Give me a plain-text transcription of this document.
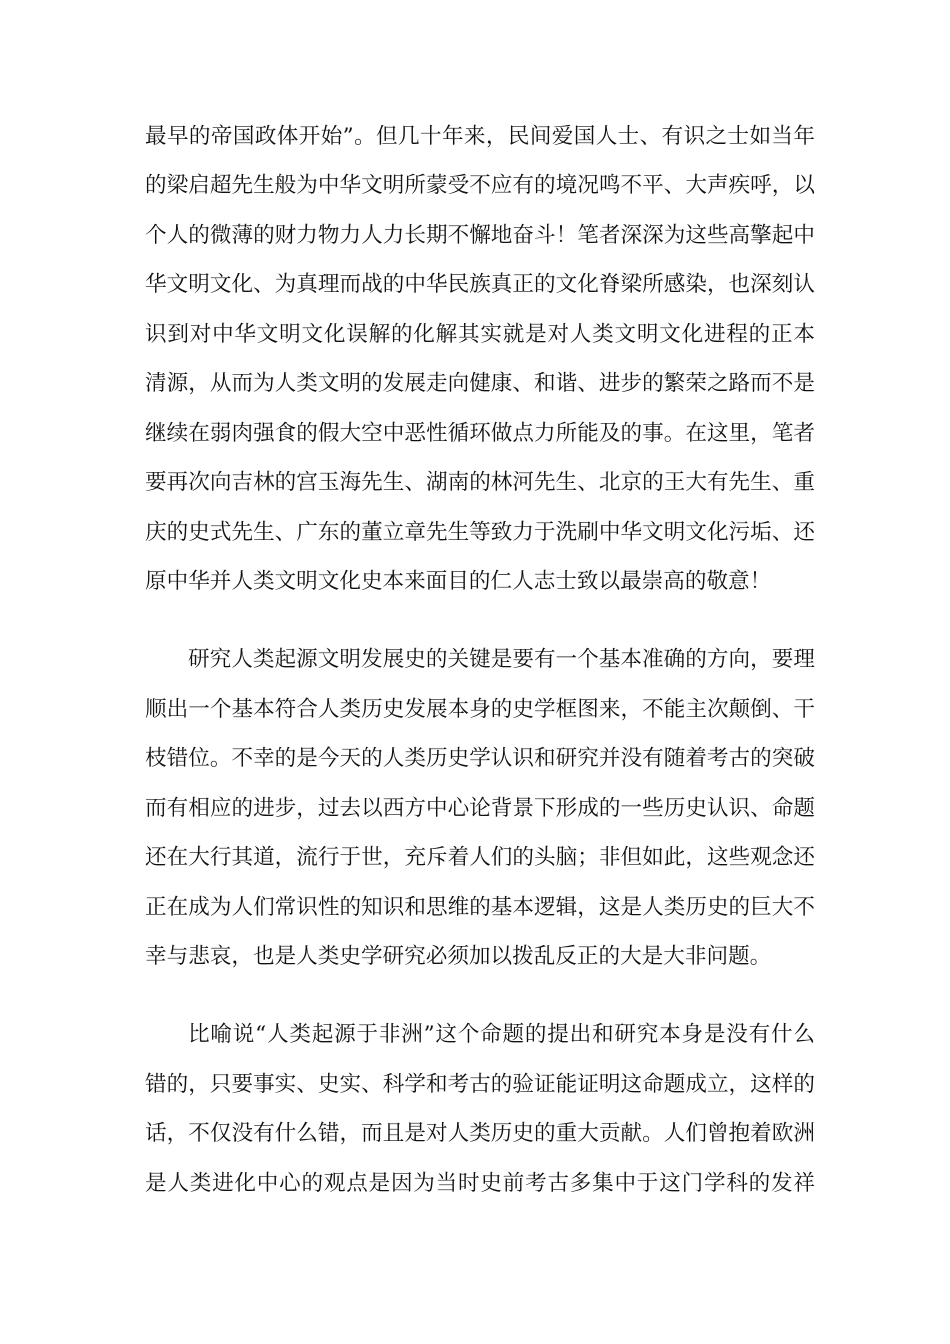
最早的帝国政体开始”。但几十年来，民间爱国人士、有识之士如当年
的梁启超先生般为中华文明所蒙受不应有的境况鸣不平、大声疾呼，以
个人的微薄的财力物力人力长期不懈地奋斗！笔者深深为这些高擎起中
华文明文化、为真理而战的中华民族真正的文化脊梁所感染，也深刻认
识到对中华文明文化误解的化解其实就是对人类文明文化进程的正本
清源，从而为人类文明的发展走向健康、和谐、进步的繁荣之路而不是
继续在弱肉强食的假大空中恶性循环做点力所能及的事。在这里，笔者
要再次向吉林的宫玉海先生、湖南的林河先生、北京的王大有先生、重
庆的史式先生、广东的董立章先生等致力于洗刷中华文明文化污垢、还
原中华并人类文明文化史本来面目的仁人志士致以最崇高的敬意！
研究人类起源文明发展史的关键是要有一个基本准确的方向，要理
顺出一个基本符合人类历史发展本身的史学框图来，不能主次颠倒、干
枝错位。不幸的是今天的人类历史学认识和研究并没有随着考古的突破
而有相应的进步，过去以西方中心论背景下形成的一些历史认识、命题
还在大行其道，流行于世，充斥着人们的头脑；非但如此，这些观念还
正在成为人们常识性的知识和思维的基本逻辑，这是人类历史的巨大不
幸与悲哀，也是人类史学研究必须加以拨乱反正的大是大非问题。
比喻说“人类起源于非洲”这个命题的提出和研究本身是没有什么
错的，只要事实、史实、科学和考古的验证能证明这命题成立，这样的
话，不仅没有什么错，而且是对人类历史的重大贡献。人们曾抱着欧洲
是人类进化中心的观点是因为当时史前考古多集中于这门学科的发祥
